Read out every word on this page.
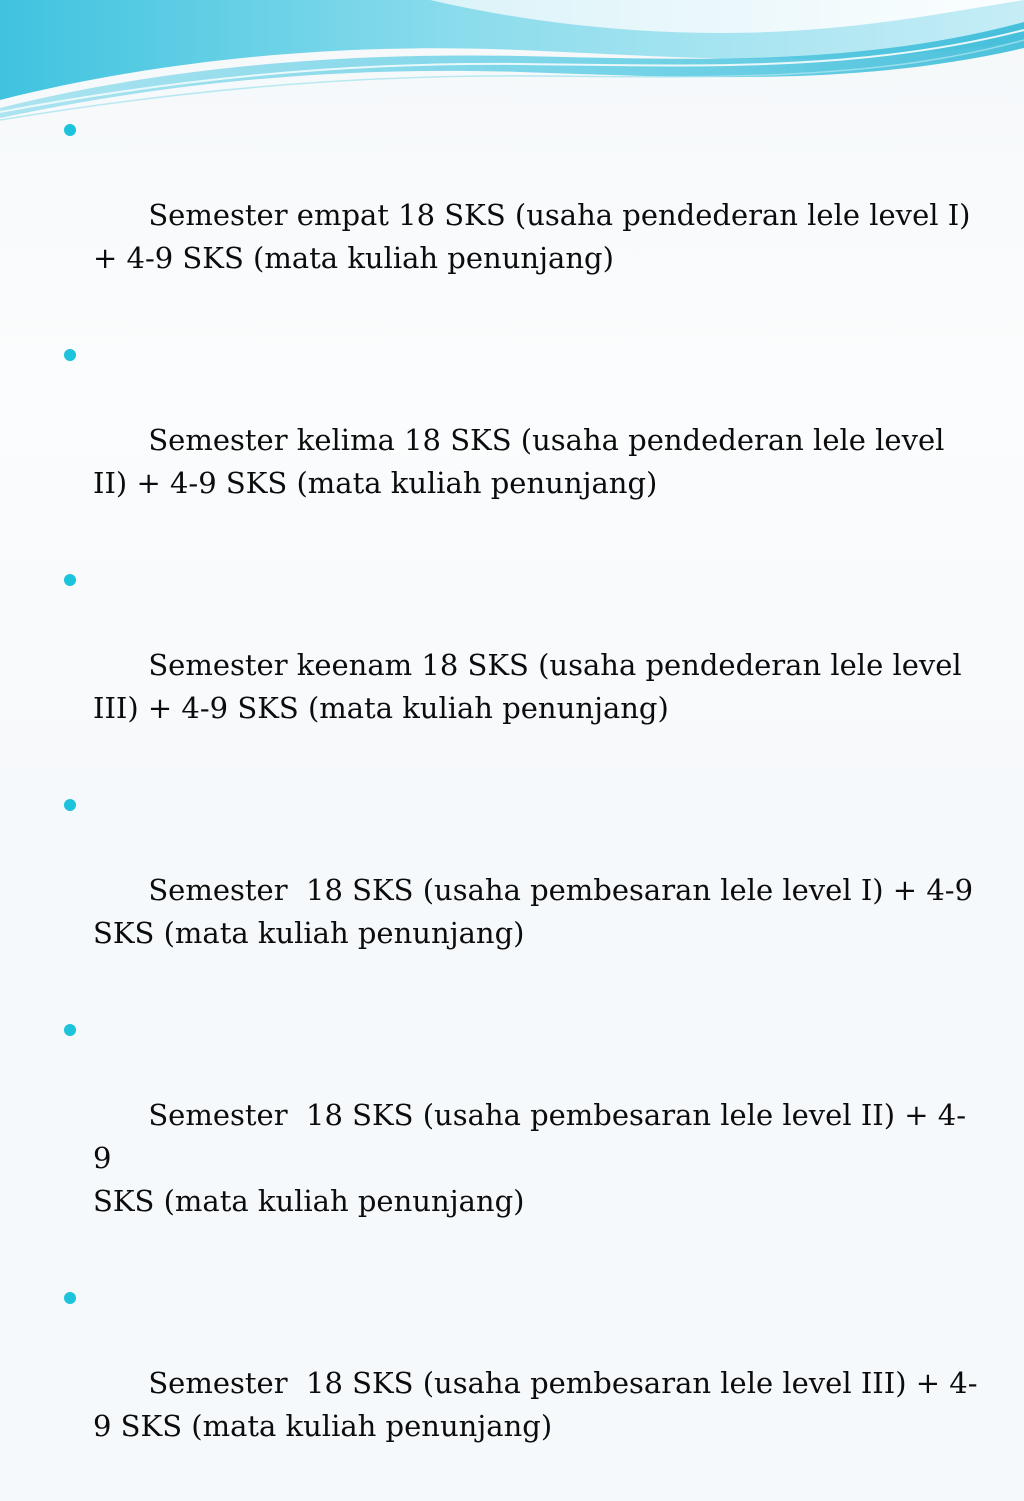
Semester empat 18 SKS (usaha pendederan lele level I)
+ 4-9 SKS (mata kuliah penunjang)

Semester kelima 18 SKS (usaha pendederan lele level
II) + 4-9 SKS (mata kuliah penunjang)

Semester keenam 18 SKS (usaha pendederan lele level
III) + 4-9 SKS (mata kuliah penunjang)

Semester  18 SKS (usaha pembesaran lele level I) + 4-9
SKS (mata kuliah penunjang)

Semester  18 SKS (usaha pembesaran lele level II) + 4-9
SKS (mata kuliah penunjang)

Semester  18 SKS (usaha pembesaran lele level III) + 4-
9 SKS (mata kuliah penunjang)
